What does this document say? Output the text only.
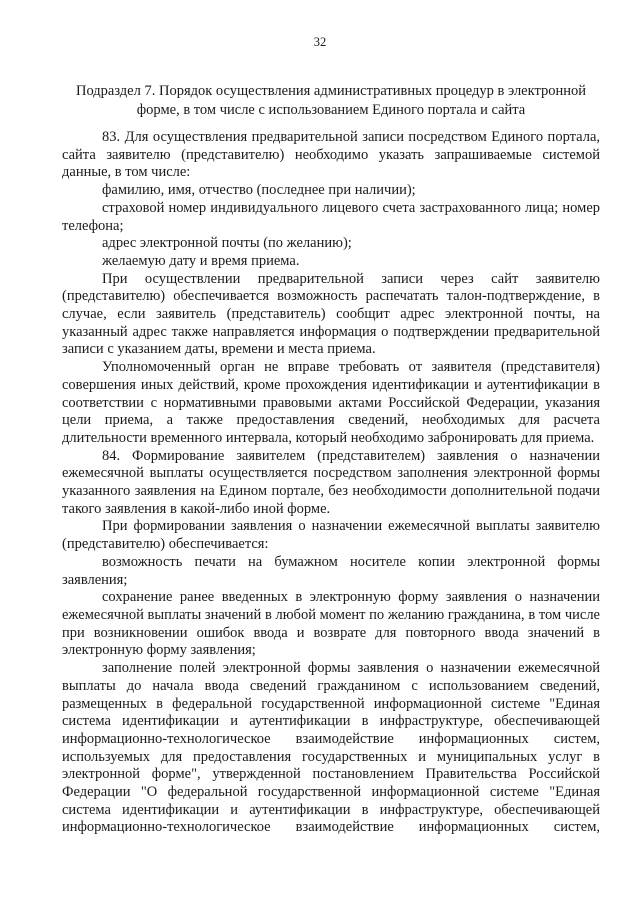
32
Подраздел 7. Порядок осуществления административных процедур в электронной форме, в том числе с использованием Единого портала и сайта

83. Для осуществления предварительной записи посредством Единого портала, сайта заявителю (представителю) необходимо указать запрашиваемые системой данные, в том числе:

фамилию, имя, отчество (последнее при наличии);

страховой номер индивидуального лицевого счета застрахованного лица; номер телефона;

адрес электронной почты (по желанию);

желаемую дату и время приема.

При осуществлении предварительной записи через сайт заявителю (представителю) обеспечивается возможность распечатать талон-подтверждение, в случае, если заявитель (представитель) сообщит адрес электронной почты, на указанный адрес также направляется информация о подтверждении предварительной записи с указанием даты, времени и места приема.

Уполномоченный орган не вправе требовать от заявителя (представителя) совершения иных действий, кроме прохождения идентификации и аутентификации в соответствии с нормативными правовыми актами Российской Федерации, указания цели приема, а также предоставления сведений, необходимых для расчета длительности временного интервала, который необходимо забронировать для приема.

84. Формирование заявителем (представителем) заявления о назначении ежемесячной выплаты осуществляется посредством заполнения электронной формы указанного заявления на Едином портале, без необходимости дополнительной подачи такого заявления в какой-либо иной форме.

При формировании заявления о назначении ежемесячной выплаты заявителю (представителю) обеспечивается:

возможность печати на бумажном носителе копии электронной формы заявления;

сохранение ранее введенных в электронную форму заявления о назначении ежемесячной выплаты значений в любой момент по желанию гражданина, в том числе при возникновении ошибок ввода и возврате для повторного ввода значений в электронную форму заявления;

заполнение полей электронной формы заявления о назначении ежемесячной выплаты до начала ввода сведений гражданином с использованием сведений, размещенных в федеральной государственной информационной системе "Единая система идентификации и аутентификации в инфраструктуре, обеспечивающей информационно-технологическое взаимодействие информационных систем, используемых для предоставления государственных и муниципальных услуг в электронной форме", утвержденной постановлением Правительства Российской Федерации "О федеральной государственной информационной системе "Единая система идентификации и аутентификации в инфраструктуре, обеспечивающей информационно-технологическое взаимодействие информационных систем,
